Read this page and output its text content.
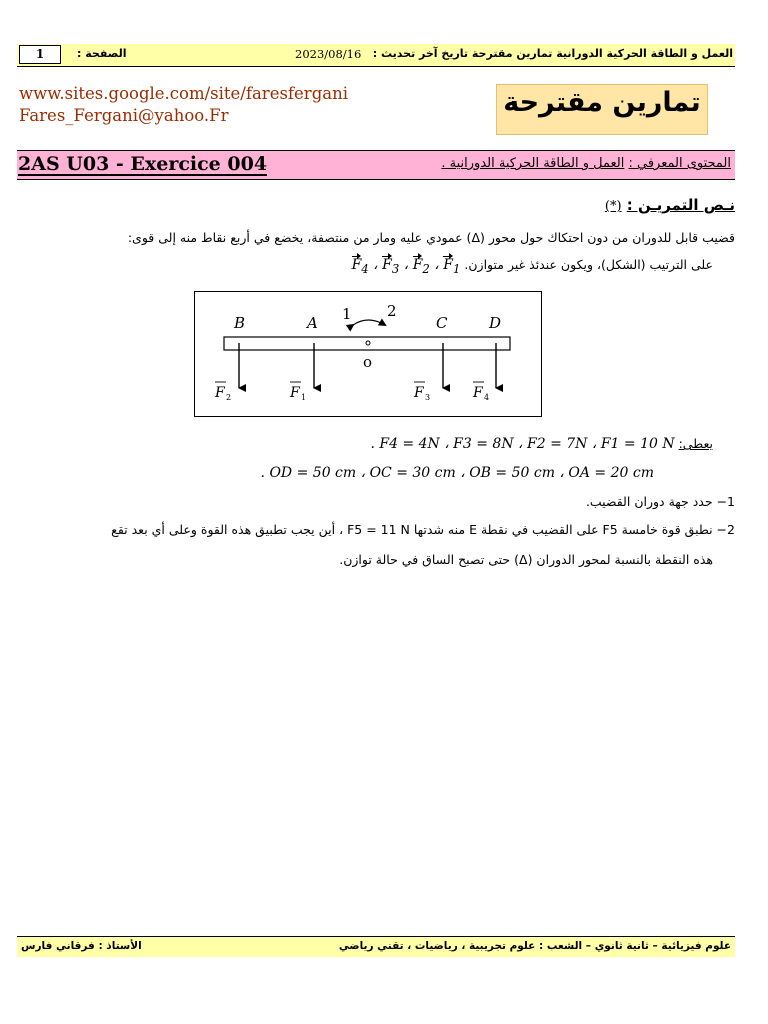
العمل و الطاقة الحركية الدورانية تمارين مقترحة تاريخ آخر تحديث :
2023/08/16
الصفحة :
1
www.sites.google.com/site/faresfergani
Fares_Fergani@yahoo.Fr	تمارين مقترحة
2AS U03 - Exercice 004	المحتوى المعرفي : العمل و الطاقة الحركية الدورانية .
نـص التمريـن : (*)
قضيب قابل للدوران من دون احتكاك حول محور (Δ) عمودي عليه ومار من منتصفة، يخضع في أربع نقاط منه إلى قوى:
على الترتيب (الشكل)، ويكون عندئذ غير متوازن. $F_4$ ، $F_3$ ، $F_2$ ، $F_1$
o
1 2
B	A	C	D
F 2	F 1	F 3	F 4
يعطى: . F4 = 4N ، F3 = 8N ، F2 = 7N ، F1 = 10 N
. OD = 50 cm ، OC = 30 cm ، OB = 50 cm ، OA = 20 cm
1− حدد جهة دوران القضيب.
2− نطبق قوة خامسة F5 على القضيب في نقطة E منه شدتها F5 = 11 N ، أين يجب تطبيق هذه القوة وعلى أي بعد تقع
هذه النقطة بالنسبة لمحور الدوران (Δ) حتى تصبح الساق في حالة توازن.
علوم فيزيائية – ثانية ثانوي – الشعب : علوم تجريبية ، رياضيات ، تقني رياضي
الأستاذ : فرقاني فارس
